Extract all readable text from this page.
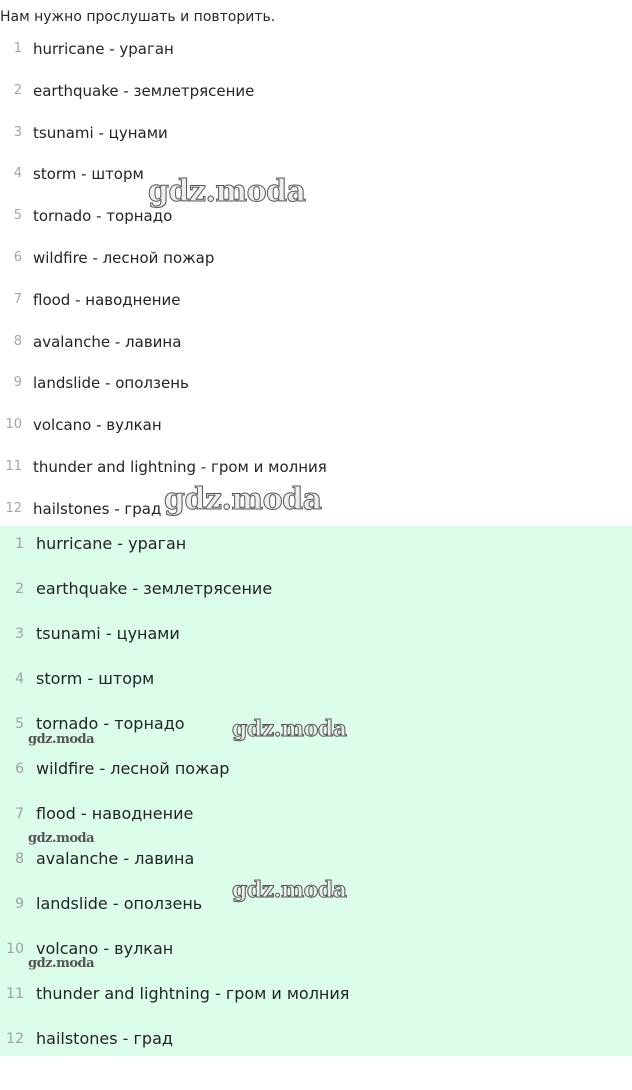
Нам нужно прослушать и повторить.
1 hurricane - ураган
2 earthquake - землетрясение
3 tsunami - цунами
4 storm - шторм
5 tornado - торнадо
6 wildfire - лесной пожар
7 flood - наводнение
8 avalanche - лавина
9 landslide - оползень
10 volcano - вулкан
11 thunder and lightning - гром и молния
12 hailstones - град
1 hurricane - ураган
2 earthquake - землетрясение
3 tsunami - цунами
4 storm - шторм
5 tornado - торнадо
6 wildfire - лесной пожар
7 flood - наводнение
8 avalanche - лавина
9 landslide - оползень
10 volcano - вулкан
11 thunder and lightning - гром и молния
12 hailstones - град
gdz.moda
gdz.moda
gdz.moda
gdz.moda
gdz.moda
gdz.moda
gdz.moda
